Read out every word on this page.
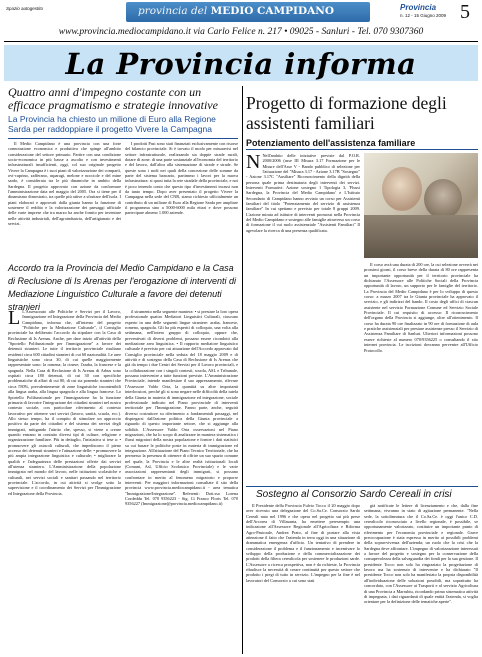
Spazio autogestito	provincia del MEDIO CAMPIDANO	Provincia
n. 12 - 15 Giugno 2009 5
www.provincia.mediocampidano.it via Carlo Felice n. 217 • 09025 - Sanluri - Tel. 070 9307360
La Provincia informa
Quattro anni d'impegno costante con un efficace pragmatismo e strategie innovative
La Provincia ha chiesto un milione di Euro alla Regione Sarda per raddoppiare il progetto Vivere la Campagna

Il Medio Campidano è una provincia con una forte connotazione economica e produttiva che spinge all'ambito considerazione del settore primario. Partire con una condizione socio-economica in più basse a ascolto e con investimenti infrastrutturali insufficienti, oggi, col suo originale progetto Vivere la Campagna è i suoi piani di valorizzazione dei compartì, ovi-caprino, zafferano, asparagi, melone e nocciole e del mine sardo, è considerata tra le più dinamiche in ambito della Sardegna. Il progetto approvato con azione da conformare l'amministrazione data nel maggio del 2005. Ora si tiene per il dinamismo dimostrato, tra quelle più attive a sfruttare dell'isola. I piani elaborati e approvati dalla giunta hanno la funzione di sostenere il reddito e la valorizzazione dei paesaggi ufficiale delle varie imprese che tra marzo ha anche fornito per inventare nelle attività industriali, dell'agroindustria, dell'artigianato e dei servizi.

I prodotti Pasi sono stati finanziati esclusivamente con risorse del bilancio provinciale. Si è trovato il modo per misuravisi nel settore infrastrutturale, realizzando sia doppie strade rurali, dotare di zone. di una parte sostanziale all'economia del territorio e del lavoro, dall'altra alla sistemazione di strade e strade. Se queste sono i nodi nei quali della concezione delle somme da parte del sistema bancario, partimmo i lavori per la nuova infrastruttura: si quasi tutta la rete stradale della provinciale, e noi è poco tenendo conto che questo tipo d'investimenti incassi non da tanto tempo. Dopo aver presentato il progetto Vivere la Campagna nella sede del CNR, siamo richiesto ufficialmente un contributo di un milione di Euro alla Regione Sarda per ampliare il programma sino a 5000-6000 mila ettari e dove possono partecipare almeno 1.000 aziende.

Accordo tra la Provincia del Medio Campidano e la Casa di Reclusione di Is Arenas per l'erogazione di interventi di Mediazione Linguistico Culturale a favore dei detenuti stranieri
L L'Assessorato alle Politiche e Servizi per il Lavoro, Immigrazione ed Integrazione della Provincia del Medio Campidano, informa che, all'interno del progetto "Politiche per la Mediazione Culturale", il Consiglio provinciale ha deliberato l'accordo da stipulare con la Casa di Reclusione di Is Arenas. Anche, per dare inizio all'attività dello "Sportello Polifunzionale per l'immigrazione" a favore dei detenuti stranieri. Le tutte il territorio provinciale risultano residenti circa 600 cittadini stranieri di cui 60 nazionalità. Le aree linguistiche sono circa 30, di cui quelle maggiormente rappresentate sono: la romena; la cinese; l'araba, la francese e la spagnola. Nella Casa di Reclusione di Is Arenas di Arbus sono ospitati circa 180 detenuti, di cui 30 con specifiche problematiche di affari di cui 80, di cui sta ponendo stranieri che circa l'80%, prevalentemente di zone linguistiche incontenibili alla lingua araba, alla lingua spagnola e alla lingua francese. Lo Sportello Polifunzionale per l'immigrazione ha la funzione primaria di favorire l'integrazione dei cittadini stranieri nel nostro contesto sociale, con particolare riferimento al contesto lavorativo per ottenere vari servizi (lavoro, sanità, scuola, ecc.). Allo stesso tempo, ha il compito di stimolare un approccio positivo da parte dei cittadini e del sistema dei servizi degli immigrati, mitigando l'attrito che, spesso, si viene a creare quando entrano in contatto diversi tipi di culture, religione e organizzazione familiare. Più in dettaglio, l'iniziativa si tese a: • promuovere gli ostacoli culturali, che impediscono il pieno accesso dei detenuti stranieri e l'attuazione delle: • promuovere la più ampia integrazione linguistica e culturale; • migliorare la qualità e l'adeguatezza delle prestazioni offerte dai servizi all'utenza straniera. L'Amministrazione della popolazione immigrata nel mondo del lavoro, nelle istituzioni scolastiche e culturali, nei servizi sociali e sanitari passando nel territorio provinciale. L'accordo, in cui attività si svolge sotto la supervisione e il coordinamento dei Servizi per l'Immigrazione ed Integrazione della Provincia.

il strumento nella seguente maniera: • si prestare la loro opera professionale quattro Mediatori Linguistici Culturali, ciascuno esperto in una delle seguenti lingue straniere: araba, francese, romeno, spagnola. Gli ha più esperiti di colloquio, una volta alla settimana, nell'intero gruppo di colloquio, oppure che, preventivati di diversi problemi, possano essere ricondotti alla mediazione area linguistica. • Il rapporto mediatore linguistico culturale è previsto per cui attuazione dell'Accordo approvato dal Consiglio provinciale nella seduta del 18 maggio 2009 e di attività e di sostegno della Casa di Reclusione di Is Arenas che già da tempo i due Centri dei Servizi per il Lavoro provinciali, e la collaborazione con i singoli contesti, scuola, ASL e Tribunale, possano intervenire a tutte funzioni previste. L'Amministrazione Provinciale, intende manifestare il suo apprezzamento, rilevare l'Assessore Valdo Orta, la quantità su altre importanti interlocutori, perché gli si sono negare nelle difficoltà della tutela della Giunta in materia di immigrazione ed integrazione, sociale professionale indicato nel Piano provinciale di interventi territoriale per l'Immigrazione. Fanno parte, anche, seguirà diverso costruttore su riferimento a fondamentali passaggi, nel dispiegarsi dall'azione politica della Giunta provinciale a riguardo di questo importante settore, che si aggiunge alla solidità. L'Assessore Valdo Orta osservazioni nel Piano migrazioni, che ha lo scopo di analizzare in maniera sistematica i flussi migratori della nostra popolazione e fornire i dati statistici su cui basare le politiche poste in materia di immigrazione ed integrazione. All'attuazione del Piano Tecnico Territoriale, che ha permesso la presenza di ottenere di offrire un suo spazio comune nel quale, la Provincia e le altre realtà istituzionali locali (Comuni, Asl, Ufficio Scolastico Provinciale) e le varie associazioni rappresentanti degli immigrati, si possano confrontare in merito al fenomeno migratorio e proporre interventi. Per maggiori informazioni consultate il sito della provincia www.provincia.mediocampidano.it - area tematica "Immigrazione/Integrazione". Referenti: Dott.ssa Lorena Cordeddu Tel. 070 9356223 - Sig. Ci Franco Floris Tel. 070 9356227 (Immigrazione@provincia.mediocampidano.it)

Progetto di formazione degli assistenti familiari
Potenziamento dell'assistenza familiare
N Nell'ambito delle iniziative previste dal P.O.R. 2000/2006 (asse III Misura 3.17 Formazione per le Misure dell'Asse V - Bando pubblico di selezione per l'attuazione del "Misura 3.17 - Azione 3.17B "Sostegno" - Azione 3.17C "Ausiliare" Riconoscimento della dignità della persona quale prima destinataria degli interventi dei servizi. Interventi Formativi: Azione sostegno 1 Tipologia 3, 'Flussi Sardegna, la Provincia del Medio Campidano' e L'Istituto Secondario di Campidano hanno avviato un corso per Assistenti familiari del titolo "Potenziamento del servizio di assistenza familiare" In cui spettano e previsto per totale 8 gruppi 2009. L'azione mirata ad istituire di interventi promossi nella Provincia del Medio Campidano e sostegno alle famiglie attraverso un corso di formazione il cui ruolo assistenziale "Assistenti Familiari" Il agevolare la ricerca di una presenza qualificata.

Il corso avrà una durata di 200 ore, la cui selezione avverrà nei prossimi giorni, il corso breve della durata di 80 ore rappresenta un importante opportunità per il territorio provinciale ha dichiarato l'Assessore alle Politiche Sociali della Provincia opportunità di lavoro, un supporto per le famiglie del territorio. La Provincia del Medio Campidano è per lo sviluppo di questo corso: a marzo 2007 tra le Giunta provinciale ha approvato il servizio, e gli indirizzi del bando. Il costo degli uffici di ciascun assistente nel servizio Formazione Comune ed Servizio Sociale Provinciale. Il cui requisito di accesso: Il riconoscimento dell'organo della Provincia si aggiunge, oltre all'ottenimento. Il corso ha durata 90 ore finalizzato in 90 ore di formazione di aula e pratiche assistenziali per prestare assistenze presso il Servizio di Assistenza Familiare di Sanluri. Ulteriori informazioni possono essere richieste al numero 070/9356225 o consultando il sito internet provincia. Le iscrizioni dovranno pervenire all'Ufficio Protocollo.

Sostegno al Consorzio Sardo Cereali in crisi

Il Presidente della Provincia Fulvio Tocco il 20 maggio dopo aver ricevuto una delegazione del Co.Sa.Ce. Consorzio Sardo Cereali nato nel 1996 e che opera nel progetto sui più prese dell'Arcorea di Villasanta, ha emettere peresempio una indicazione all'Assessore Regionale all'Agricoltura e Riforma Agro-Pastorale, Andrea Prato, al fine di portare alla vista attenzione il fatto che l'azienda in terra oggi in una situazione di drammatica emergenza d'ufficio. Un tentativo di prendere in considerazione il problema e il funzionamento e incentivare lo sviluppo della produzione e della commercializzazione dei prodotti della filiera cerealicola per sostenere le produzioni sarde. L'Assessore a ricerca prospettiva, non è da richieste, la Provincia ribadisce la necessità di creare continuità per questo settore che prodotto i pregi di tutto in servizio. L'impegno per la fine è nel lavoratori del Consorzio a cui sono stati

già notificate le lettere di licenziamento e che, dalla fine settimana, vivranno in stato di agitazione permanente. "Nella sede, la sottolineatura che il Co.Sa.Ce. è oggi l'unico C.D. cerealicolo riconosciuto a livello regionale, è possibile, se opportunamente valorizzato, costituire un importante punto di riferimento per l'economia provinciale e regionale. Grave preoccupazione è stata espressa in merito ai possibili problemi della sopravvivenza dell'azienda; un ruolo che la crisi che la Sardegna deve affrontare. L'impegno di valorizzazione interessati a favore del progetto e sostegno per la conservazione della consapevolezza della salvaguardia dei fondi per la sua gestione. Il presidente Tocco non solo ha ringraziato la progettazione di lavoro ma ha sostenuto di intervenire e ha dichiarato "Il presidente Tocco non solo ha manifestato la propria disponibilità all'individuazione delle soluzioni possibili, ma soprattutto ha concordato, con l'Assessore ai Trasporti e al servizio Agricoltura di una Provincia a Marrubiu, ricordando prima sistematica attività di impegnata, i dati riguardanti di quale entità l'azienda, si voglia orientare per la definizione delle tematiche aperte".
